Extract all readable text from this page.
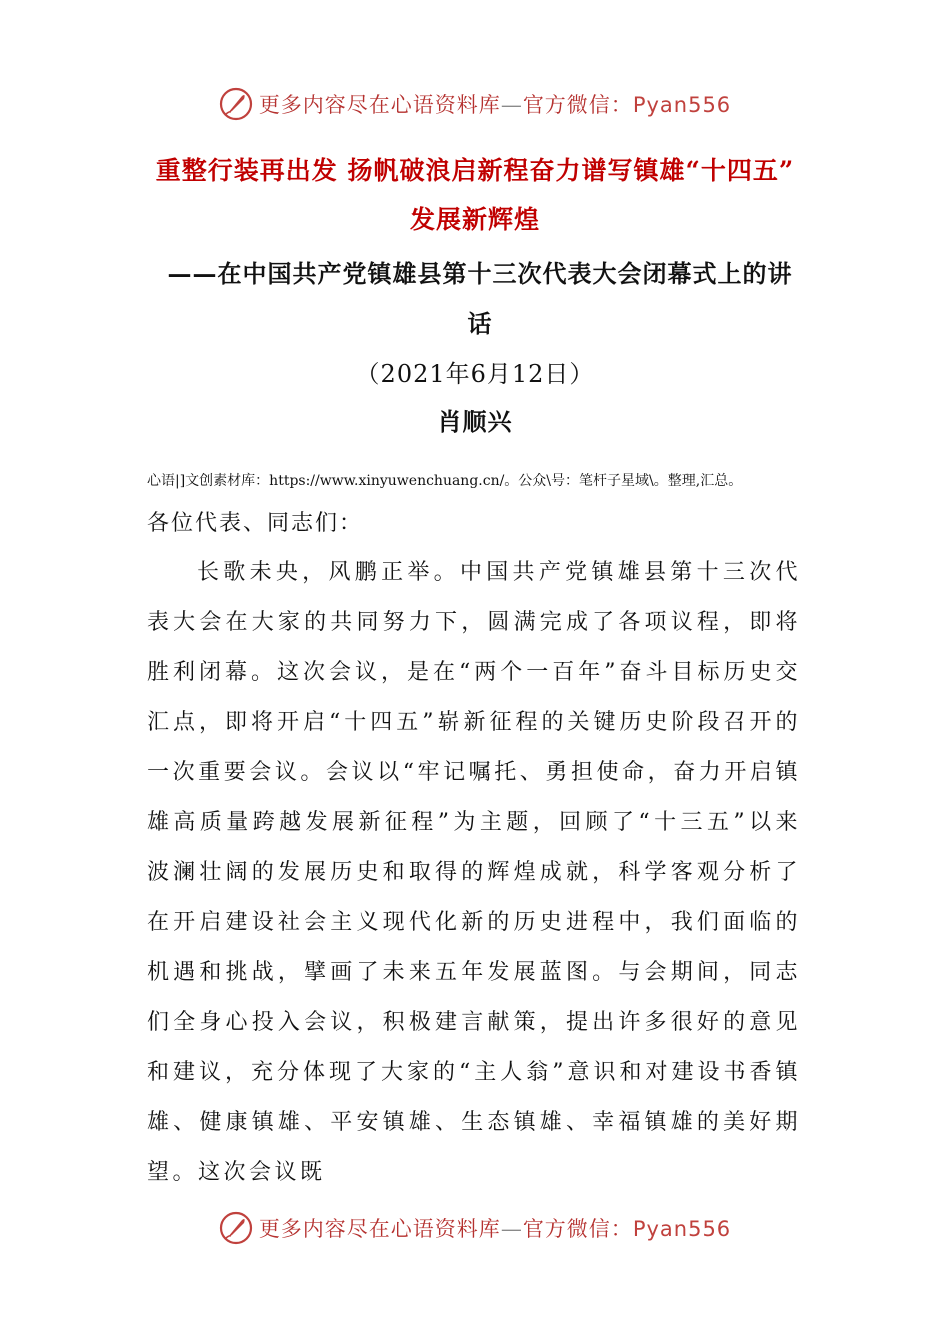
更多内容尽在心语资料库—官方微信：Pyan556
重整行装再出发 扬帆破浪启新程奋力谱写镇雄“十四五”
发展新辉煌
——在中国共产党镇雄县第十三次代表大会闭幕式上的讲
话
（2021年6月12日）
肖顺兴
心语|]文创素材库：https://www.xinyuwenchuang.cn/。公众\号：笔杆子星域\。整理,汇总。
各位代表、同志们：

长歌未央，风鹏正举。中国共产党镇雄县第十三次代表大会在大家的共同努力下，圆满完成了各项议程，即将胜利闭幕。这次会议，是在“两个一百年”奋斗目标历史交汇点，即将开启“十四五”崭新征程的关键历史阶段召开的一次重要会议。会议以“牢记嘱托、勇担使命，奋力开启镇雄高质量跨越发展新征程”为主题，回顾了“十三五”以来波澜壮阔的发展历史和取得的辉煌成就，科学客观分析了在开启建设社会主义现代化新的历史进程中，我们面临的机遇和挑战，擘画了未来五年发展蓝图。与会期间，同志们全身心投入会议，积极建言献策，提出许多很好的意见和建议，充分体现了大家的“主人翁”意识和对建设书香镇雄、健康镇雄、平安镇雄、生态镇雄、幸福镇雄的美好期望。这次会议既

更多内容尽在心语资料库—官方微信：Pyan556
